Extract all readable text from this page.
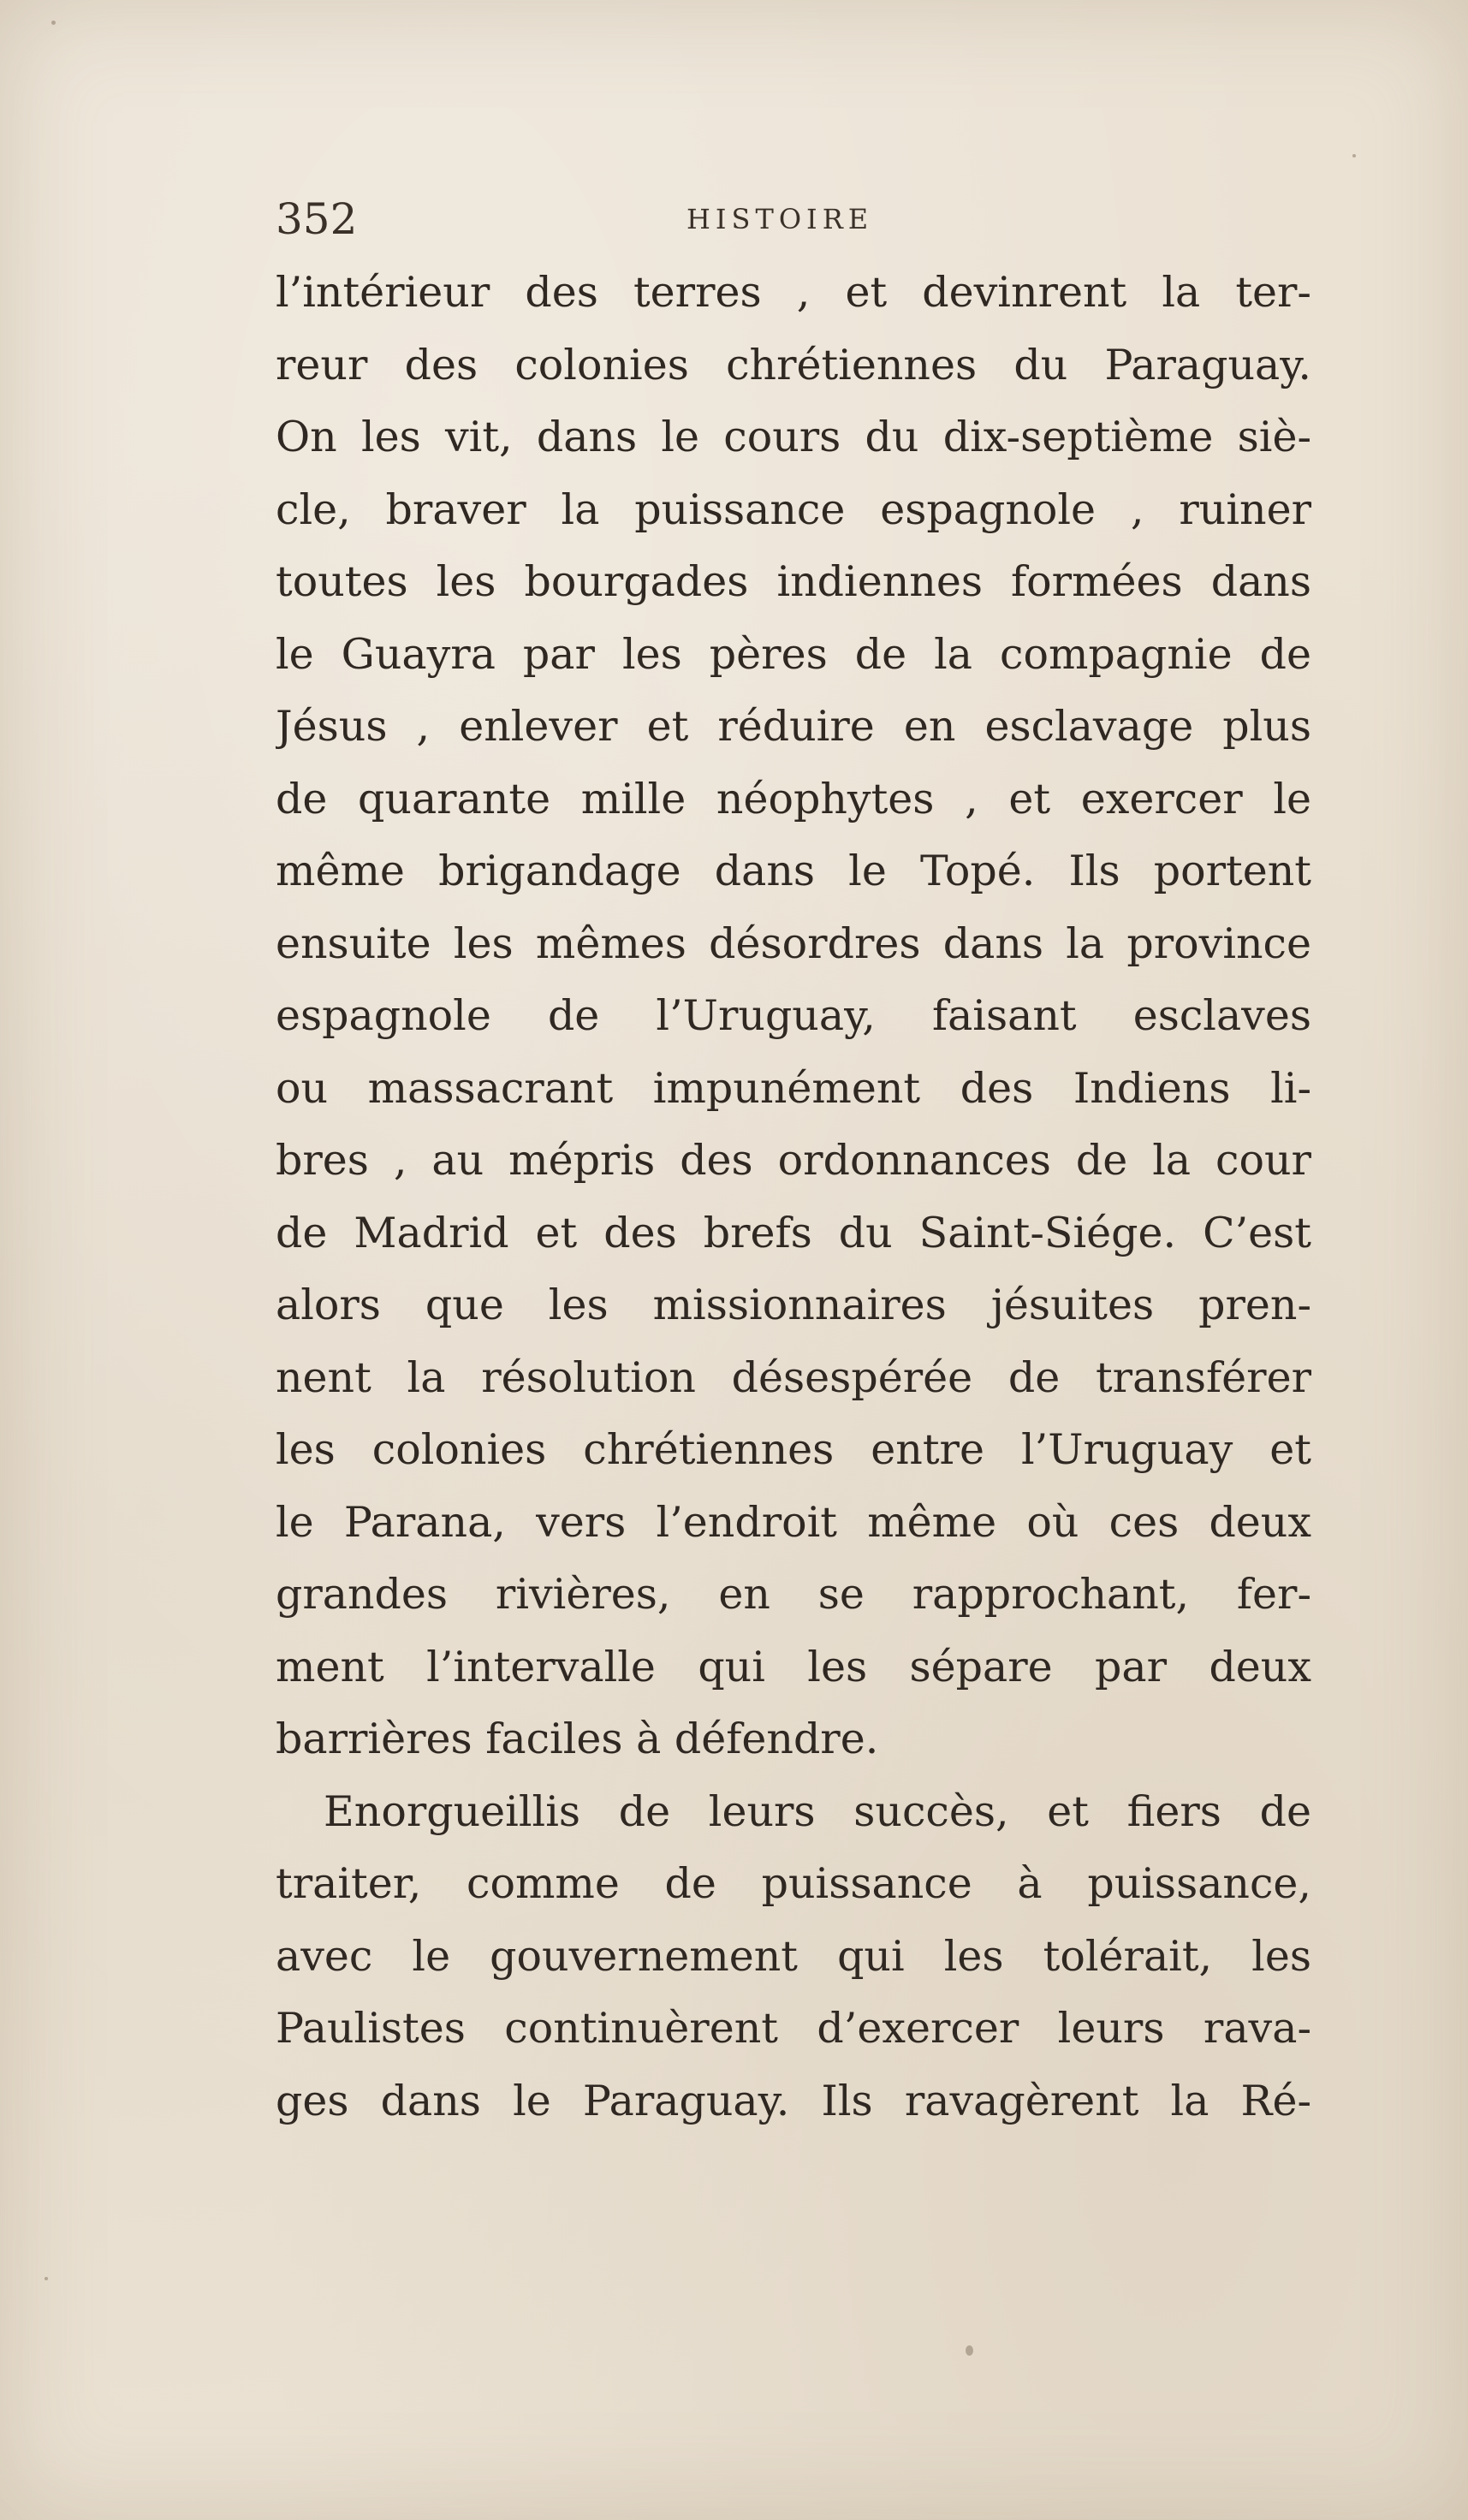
352	HISTOIRE
l’intérieur des terres , et devinrent la ter-
reur des colonies chrétiennes du Paraguay.
On les vit, dans le cours du dix-septième siè-
cle, braver la puissance espagnole , ruiner
toutes les bourgades indiennes formées dans
le Guayra par les pères de la compagnie de
Jésus , enlever et réduire en esclavage plus
de quarante mille néophytes , et exercer le
même brigandage dans le Topé. Ils portent
ensuite les mêmes désordres dans la province
espagnole de l’Uruguay, faisant esclaves
ou massacrant impunément des Indiens li-
bres , au mépris des ordonnances de la cour
de Madrid et des brefs du Saint-Siége. C’est
alors que les missionnaires jésuites pren-
nent la résolution désespérée de transférer
les colonies chrétiennes entre l’Uruguay et
le Parana, vers l’endroit même où ces deux
grandes rivières, en se rapprochant, fer-
ment l’intervalle qui les sépare par deux
barrières faciles à défendre.
Enorgueillis de leurs succès, et fiers de
traiter, comme de puissance à puissance,
avec le gouvernement qui les tolérait, les
Paulistes continuèrent d’exercer leurs rava-
ges dans le Paraguay. Ils ravagèrent la Ré-
